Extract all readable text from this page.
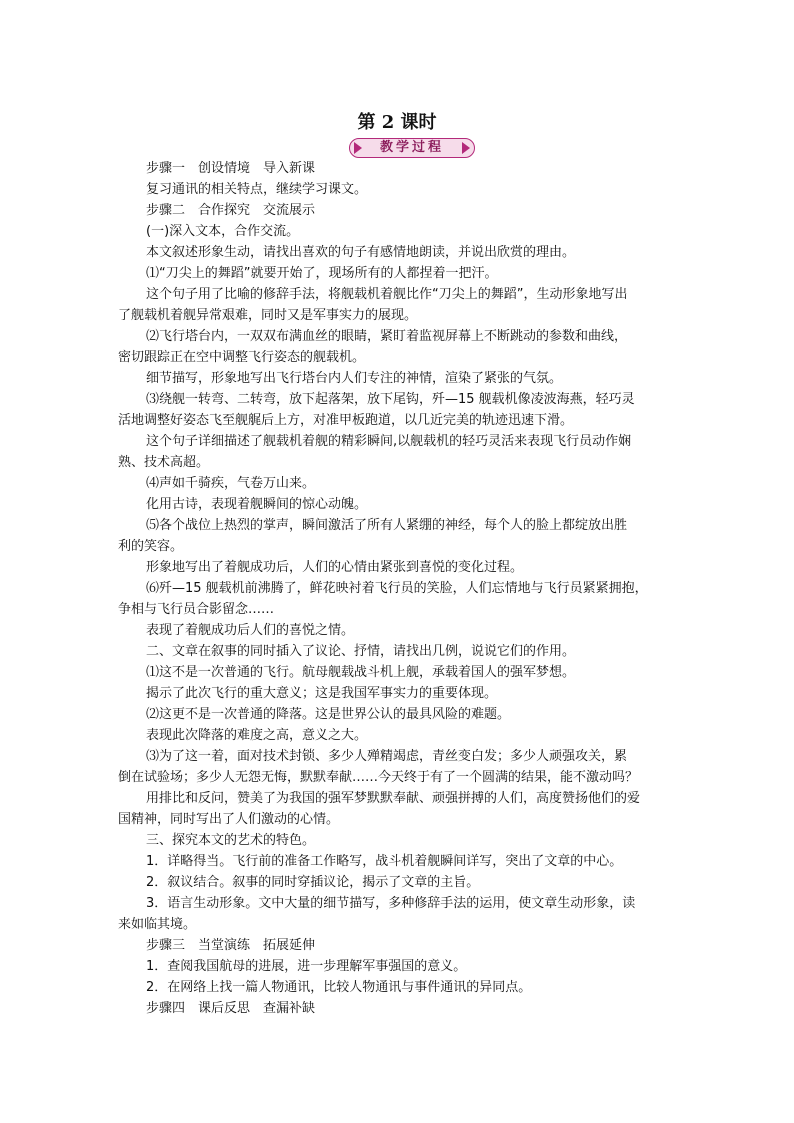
第 2 课时
教学过程
步骤一　创设情境　导入新课
复习通讯的相关特点，继续学习课文。
步骤二　合作探究　交流展示
(一)深入文本，合作交流。
本文叙述形象生动，请找出喜欢的句子有感情地朗读，并说出欣赏的理由。
⑴“刀尖上的舞蹈”就要开始了，现场所有的人都捏着一把汗。
这个句子用了比喻的修辞手法，将舰载机着舰比作“刀尖上的舞蹈”，生动形象地写出
了舰载机着舰异常艰难，同时又是军事实力的展现。
⑵飞行塔台内，一双双布满血丝的眼睛，紧盯着监视屏幕上不断跳动的参数和曲线，
密切跟踪正在空中调整飞行姿态的舰载机。
细节描写，形象地写出飞行塔台内人们专注的神情，渲染了紧张的气氛。
⑶绕舰一转弯、二转弯，放下起落架，放下尾钩，歼—15 舰载机像凌波海燕，轻巧灵
活地调整好姿态飞至舰艉后上方，对准甲板跑道，以几近完美的轨迹迅速下滑。
这个句子详细描述了舰载机着舰的精彩瞬间,以舰载机的轻巧灵活来表现飞行员动作娴
熟、技术高超。
⑷声如千骑疾，气卷万山来。
化用古诗，表现着舰瞬间的惊心动魄。
⑸各个战位上热烈的掌声，瞬间激活了所有人紧绷的神经，每个人的脸上都绽放出胜
利的笑容。
形象地写出了着舰成功后，人们的心情由紧张到喜悦的变化过程。
⑹歼—15 舰载机前沸腾了，鲜花映衬着飞行员的笑脸，人们忘情地与飞行员紧紧拥抱，
争相与飞行员合影留念……
表现了着舰成功后人们的喜悦之情。
二、文章在叙事的同时插入了议论、抒情，请找出几例，说说它们的作用。
⑴这不是一次普通的飞行。航母舰载战斗机上舰，承载着国人的强军梦想。
揭示了此次飞行的重大意义；这是我国军事实力的重要体现。
⑵这更不是一次普通的降落。这是世界公认的最具风险的难题。
表现此次降落的难度之高，意义之大。
⑶为了这一着，面对技术封锁、多少人殚精竭虑，青丝变白发；多少人顽强攻关，累
倒在试验场；多少人无怨无悔，默默奉献……今天终于有了一个圆满的结果，能不激动吗？
用排比和反问，赞美了为我国的强军梦默默奉献、顽强拼搏的人们，高度赞扬他们的爱
国精神，同时写出了人们激动的心情。
三、探究本文的艺术的特色。
1．详略得当。飞行前的准备工作略写，战斗机着舰瞬间详写，突出了文章的中心。
2．叙议结合。叙事的同时穿插议论，揭示了文章的主旨。
3．语言生动形象。文中大量的细节描写，多种修辞手法的运用，使文章生动形象，读
来如临其境。
步骤三　当堂演练　拓展延伸
1．查阅我国航母的进展，进一步理解军事强国的意义。
2．在网络上找一篇人物通讯，比较人物通讯与事件通讯的异同点。
步骤四　课后反思　查漏补缺
